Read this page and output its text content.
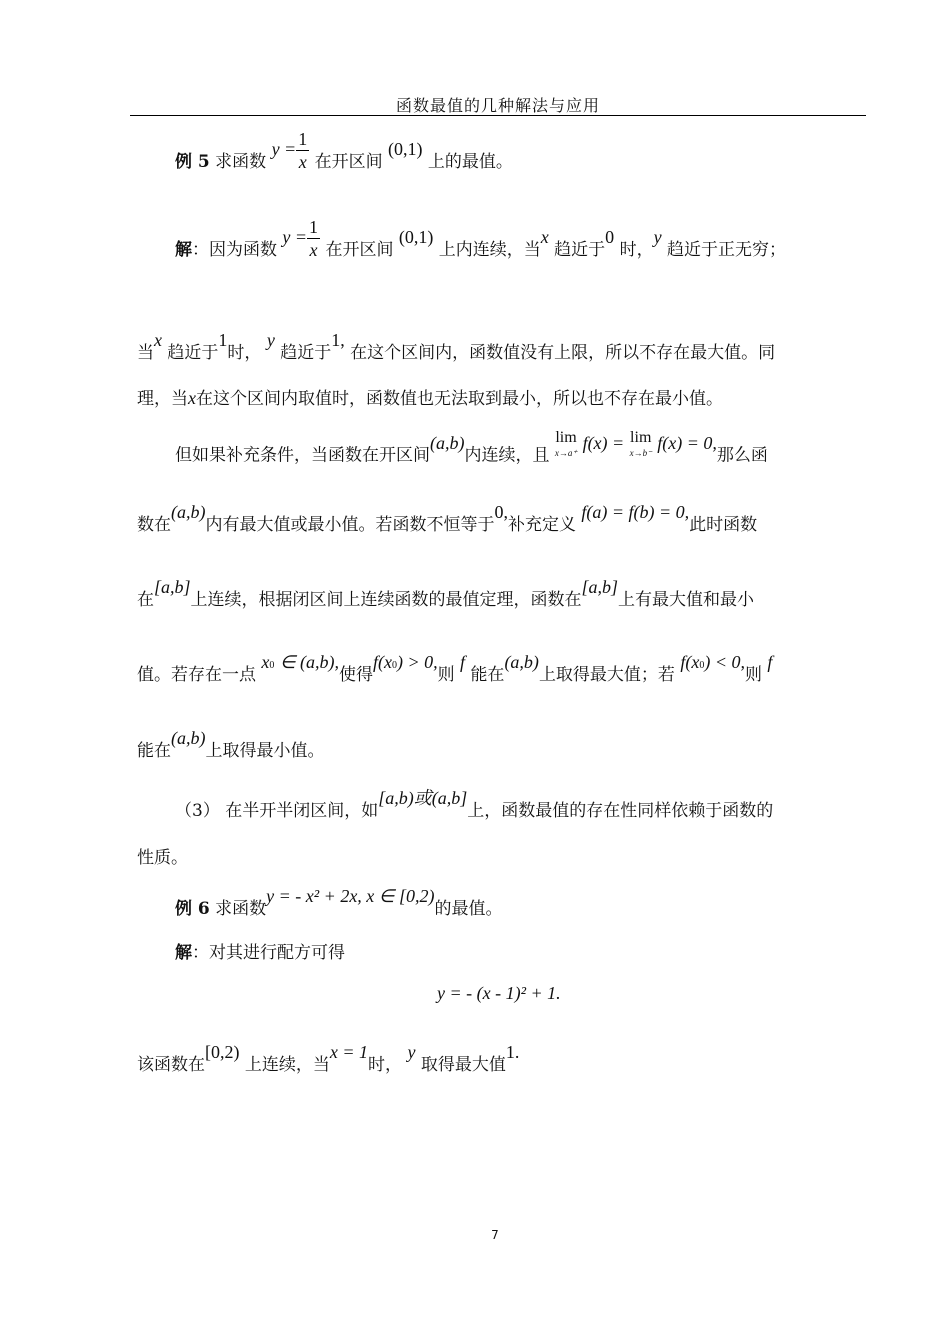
函数最值的几种解法与应用
例 5 求函数 $y = \frac{1}{x}$ 在开区间 (0,1) 上的最值。
解：因为函数 $y = \frac{1}{x}$ 在开区间 (0,1) 上内连续，当x 趋近于0 时，y 趋近于正无穷；
当x 趋近于1时， y 趋近于1, 在这个区间内，函数值没有上限，所以不存在最大值。同
理，当x在这个区间内取值时，函数值也无法取到最小，所以也不存在最小值。
但如果补充条件，当函数在开区间(a,b)内连续，且
lim
x→a⁺
f(x) = lim
x→b⁻
f(x) = 0,那么函
数在(a,b)内有最大值或最小值。若函数不恒等于0,补充定义 f(a) = f(b) = 0,此时函数
在[a,b]上连续，根据闭区间上连续函数的最值定理，函数在[a,b]上有最大值和最小
值。若存在一点 x0 ∈ (a,b),使得f(x0) > 0,则 f 能在(a,b)上取得最大值；若 f(x0) < 0,则 f
能在(a,b)上取得最小值。
（3） 在半开半闭区间，如[a,b)或(a,b]上，函数最值的存在性同样依赖于函数的
性质。
例 6 求函数y = - x² + 2x, x ∈ [0,2)的最值。
解：对其进行配方可得
y = - (x - 1)² + 1.
该函数在[0,2) 上连续，当x = 1时， y 取得最大值1.
7
